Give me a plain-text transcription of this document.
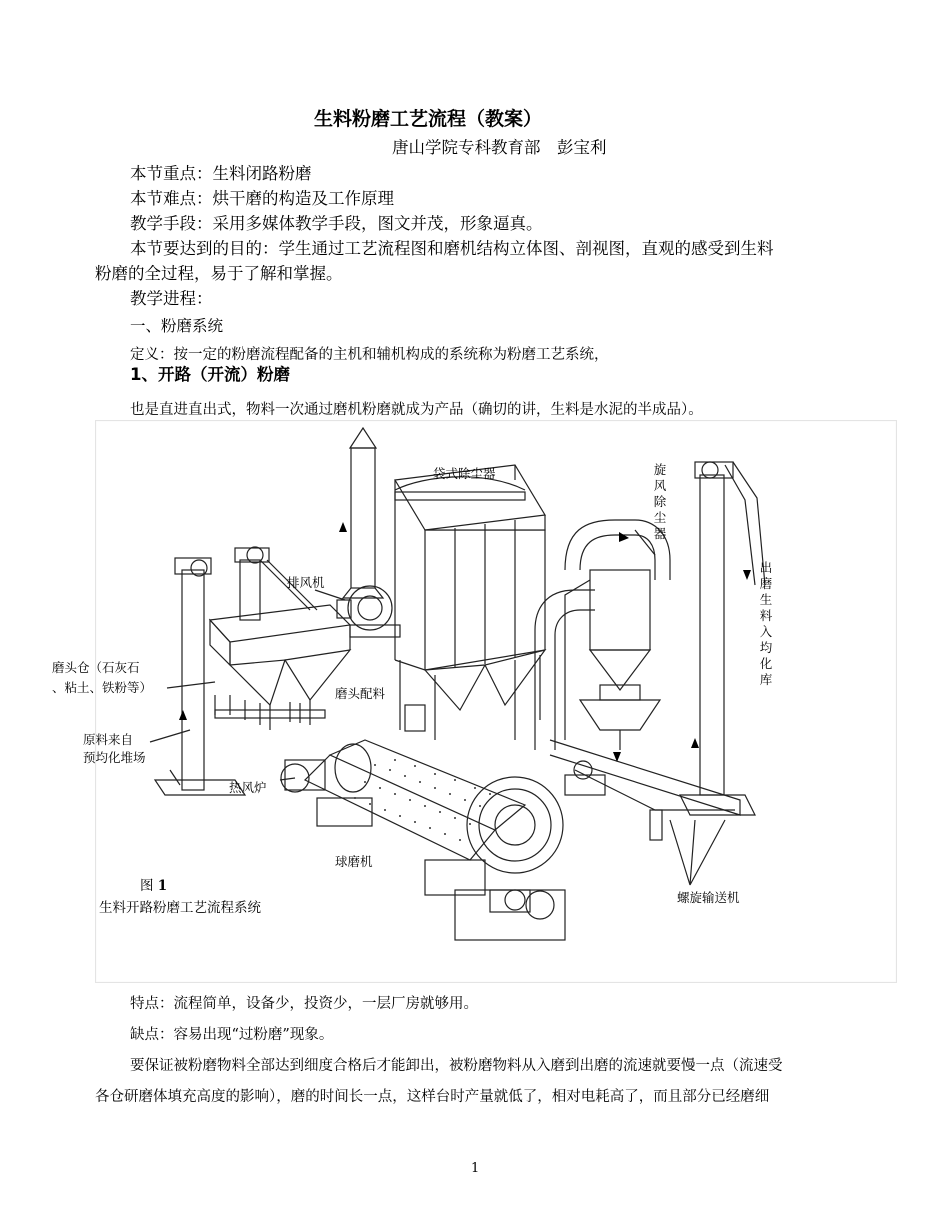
生料粉磨工艺流程（教案）
唐山学院专科教育部　彭宝利
本节重点：生料闭路粉磨
本节难点：烘干磨的构造及工作原理
教学手段：采用多媒体教学手段，图文并茂，形象逼真。
本节要达到的目的：学生通过工艺流程图和磨机结构立体图、剖视图，直观的感受到生料
粉磨的全过程，易于了解和掌握。
教学进程：
一、粉磨系统
定义：按一定的粉磨流程配备的主机和辅机构成的系统称为粉磨工艺系统，
1、开路（开流）粉磨
也是直进直出式，物料一次通过磨机粉磨就成为产品（确切的讲，生料是水泥的半成品）。
袋式除尘器	旋风除尘器
排风机
出磨生料入均化库
磨头仓（石灰石
、粘土、铁粉等）	磨头配料
原料来自
预均化堆场
热风炉
球磨机
图 1
生料开路粉磨工艺流程系统
螺旋输送机
特点：流程简单，设备少，投资少，一层厂房就够用。
缺点：容易出现“过粉磨”现象。
要保证被粉磨物料全部达到细度合格后才能卸出，被粉磨物料从入磨到出磨的流速就要慢一点（流速受
各仓研磨体填充高度的影响），磨的时间长一点，这样台时产量就低了，相对电耗高了，而且部分已经磨细
1
